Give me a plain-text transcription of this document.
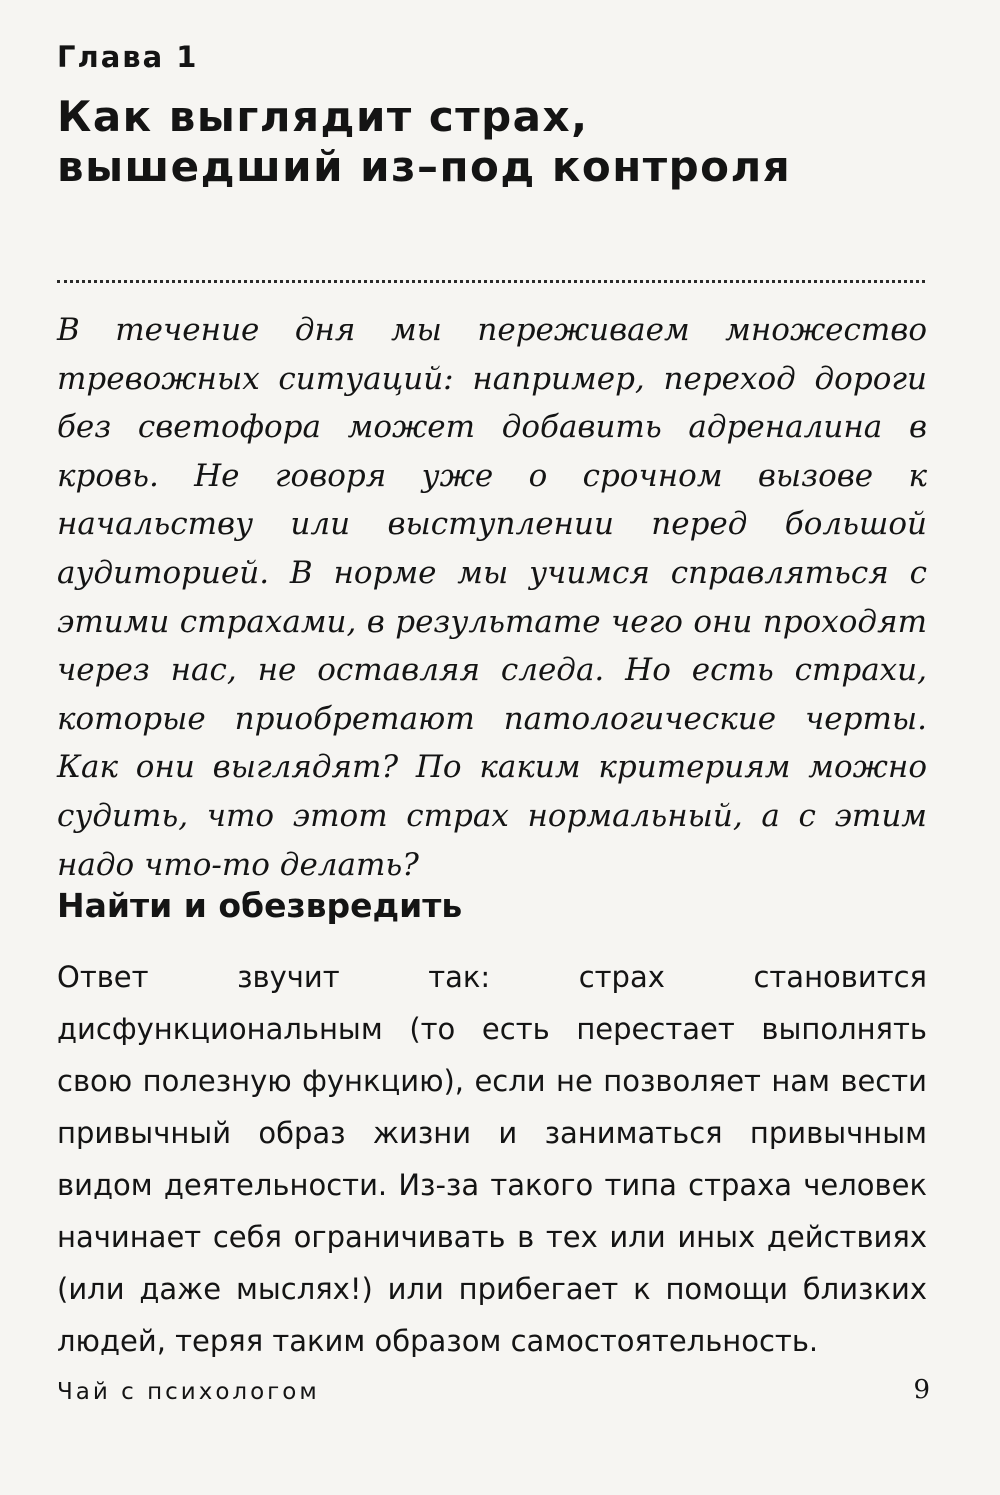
Глава 1
Как выглядит страх,
вышедший из–под контроля

В течение дня мы переживаем множество тревожных ситуаций: например, переход дороги без светофора может добавить адреналина в кровь. Не говоря уже о срочном вызове к начальству или выступлении перед большой аудиторией. В норме мы учимся справляться с этими страхами, в результате чего они проходят через нас, не оставляя следа. Но есть страхи, которые приобретают патологические черты. Как они выглядят? По каким критериям можно судить, что этот страх нормальный, а с этим надо что-то делать?

Найти и обезвредить

Ответ звучит так: страх становится дисфункциональным (то есть перестает выполнять свою полезную функцию), если не позволяет нам вести привычный образ жизни и заниматься привычным видом деятельности. Из-за такого типа страха человек начинает себя ограничивать в тех или иных действиях (или даже мыслях!) или прибегает к помощи близких людей, теряя таким образом самостоятельность.

Чай с психологом	9
